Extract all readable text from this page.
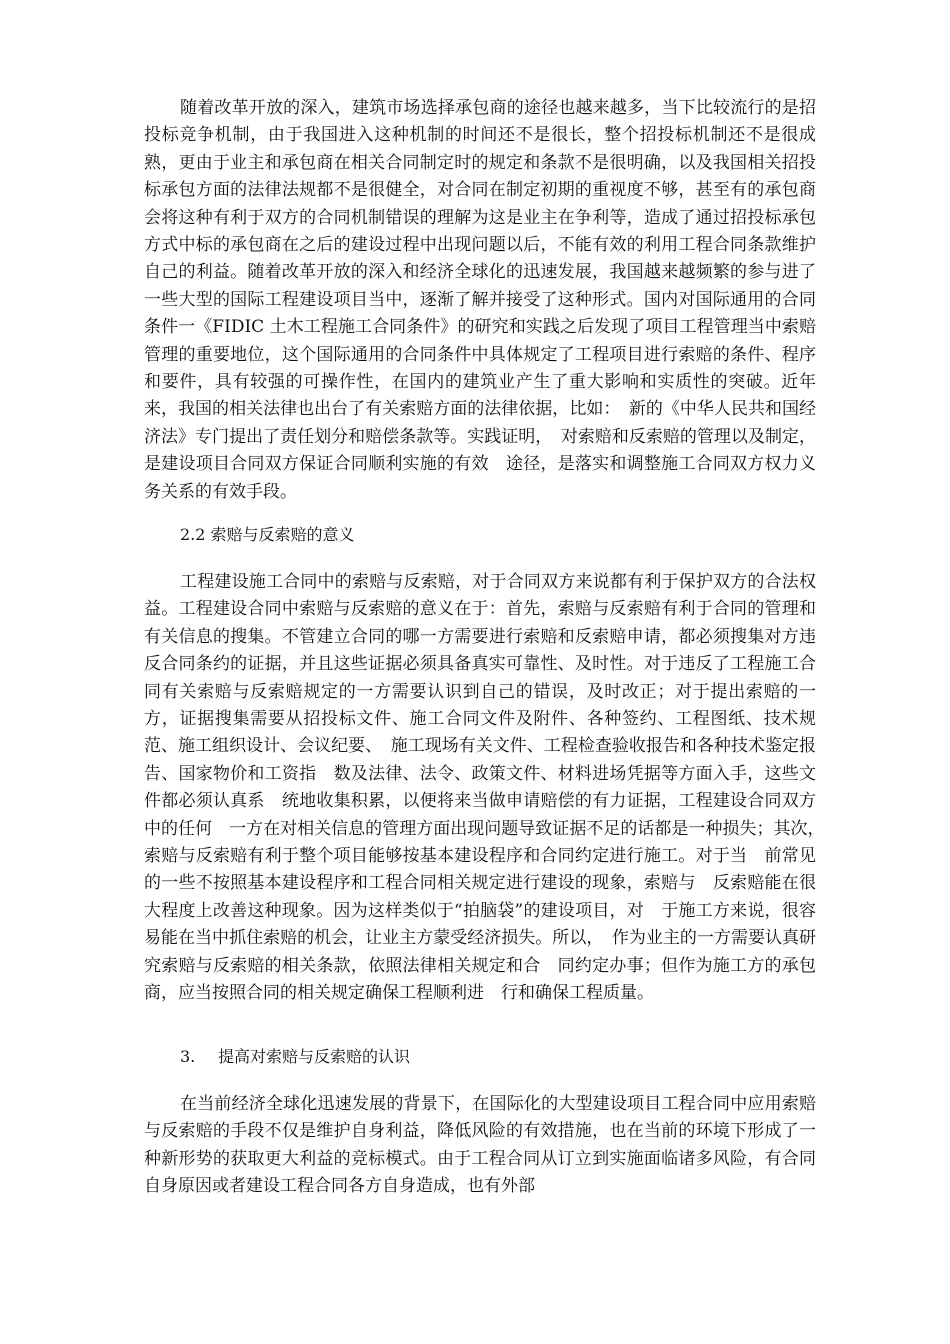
随着改革开放的深入，建筑市场选择承包商的途径也越来越多，当下比较流行的是招投标竞争机制，由于我国进入这种机制的时间还不是很长，整个招投标机制还不是很成熟，更由于业主和承包商在相关合同制定时的规定和条款不是很明确，以及我国相关招投标承包方面的法律法规都不是很健全，对合同在制定初期的重视度不够，甚至有的承包商会将这种有利于双方的合同机制错误的理解为这是业主在争利等，造成了通过招投标承包方式中标的承包商在之后的建设过程中出现问题以后，不能有效的利用工程合同条款维护自己的利益。随着改革开放的深入和经济全球化的迅速发展，我国越来越频繁的参与进了一些大型的国际工程建设项目当中，逐渐了解并接受了这种形式。国内对国际通用的合同条件一《FIDIC 土木工程施工合同条件》的研究和实践之后发现了项目工程管理当中索赔管理的重要地位，这个国际通用的合同条件中具体规定了工程项目进行索赔的条件、程序和要件，具有较强的可操作性，在国内的建筑业产生了重大影响和实质性的突破。近年来，我国的相关法律也出台了有关索赔方面的法律依据，比如：　新的《中华人民共和国经济法》专门提出了责任划分和赔偿条款等。实践证明，　对索赔和反索赔的管理以及制定，是建设项目合同双方保证合同顺利实施的有效　途径，是落实和调整施工合同双方权力义务关系的有效手段。

2.2 索赔与反索赔的意义

工程建设施工合同中的索赔与反索赔，对于合同双方来说都有利于保护双方的合法权益。工程建设合同中索赔与反索赔的意义在于：首先，索赔与反索赔有利于合同的管理和有关信息的搜集。不管建立合同的哪一方需要进行索赔和反索赔申请，都必须搜集对方违反合同条约的证据，并且这些证据必须具备真实可靠性、及时性。对于违反了工程施工合同有关索赔与反索赔规定的一方需要认识到自己的错误，及时改正；对于提出索赔的一方，证据搜集需要从招投标文件、施工合同文件及附件、各种签约、工程图纸、技术规范、施工组织设计、会议纪要、　施工现场有关文件、工程检查验收报告和各种技术鉴定报告、国家物价和工资指　数及法律、法令、政策文件、材料进场凭据等方面入手，这些文件都必须认真系　统地收集积累，以便将来当做申请赔偿的有力证据，工程建设合同双方中的任何　一方在对相关信息的管理方面出现问题导致证据不足的话都是一种损失；其次，　索赔与反索赔有利于整个项目能够按基本建设程序和合同约定进行施工。对于当　前常见的一些不按照基本建设程序和工程合同相关规定进行建设的现象，索赔与　反索赔能在很大程度上改善这种现象。因为这样类似于“拍脑袋”的建设项目，对　于施工方来说，很容易能在当中抓住索赔的机会，让业主方蒙受经济损失。所以，　作为业主的一方需要认真研究索赔与反索赔的相关条款，依照法律相关规定和合　同约定办事；但作为施工方的承包商，应当按照合同的相关规定确保工程顺利进　行和确保工程质量。

3. 提高对索赔与反索赔的认识

在当前经济全球化迅速发展的背景下，在国际化的大型建设项目工程合同中应用索赔与反索赔的手段不仅是维护自身利益，降低风险的有效措施，也在当前的环境下形成了一种新形势的获取更大利益的竞标模式。由于工程合同从订立到实施面临诸多风险，有合同自身原因或者建设工程合同各方自身造成，也有外部
